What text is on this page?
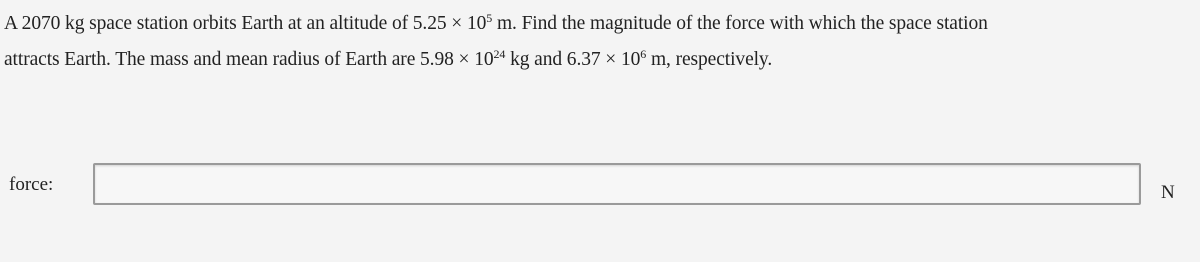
A 2070 kg space station orbits Earth at an altitude of $5.25 \times 10^5$ m. Find the magnitude of the force with which the space station
attracts Earth. The mass and mean radius of Earth are $5.98 \times 10^{24}$ kg and $6.37 \times 10^6$ m, respectively.
force:	N
